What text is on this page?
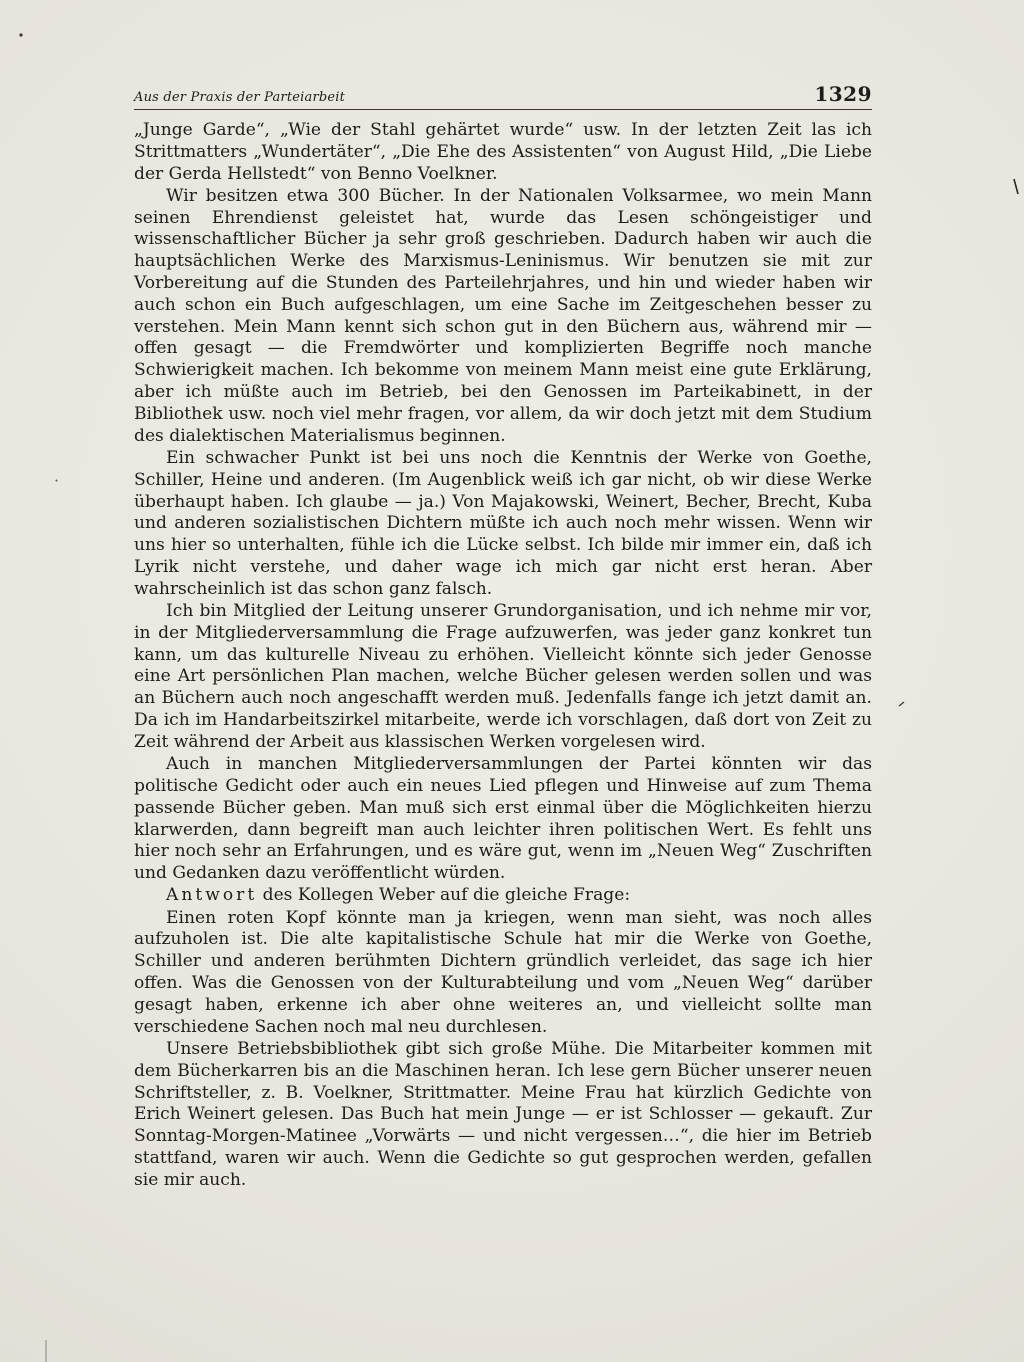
Aus der Praxis der Parteiarbeit	1329

„Junge Garde“, „Wie der Stahl gehärtet wurde“ usw. In der letzten Zeit las ich Strittmatters „Wundertäter“, „Die Ehe des Assistenten“ von August Hild, „Die Liebe der Gerda Hellstedt“ von Benno Voelkner.

Wir besitzen etwa 300 Bücher. In der Nationalen Volksarmee, wo mein Mann seinen Ehrendienst geleistet hat, wurde das Lesen schöngeistiger und wissenschaftlicher Bücher ja sehr groß geschrieben. Dadurch haben wir auch die hauptsächlichen Werke des Marxismus-Leninismus. Wir benutzen sie mit zur Vorbereitung auf die Stunden des Parteilehrjahres, und hin und wieder haben wir auch schon ein Buch aufgeschlagen, um eine Sache im Zeitgeschehen besser zu verstehen. Mein Mann kennt sich schon gut in den Büchern aus, während mir — offen gesagt — die Fremdwörter und komplizierten Begriffe noch manche Schwierigkeit machen. Ich bekomme von meinem Mann meist eine gute Erklärung, aber ich müßte auch im Betrieb, bei den Genossen im Parteikabinett, in der Bibliothek usw. noch viel mehr fragen, vor allem, da wir doch jetzt mit dem Studium des dialektischen Materialismus beginnen.

Ein schwacher Punkt ist bei uns noch die Kenntnis der Werke von Goethe, Schiller, Heine und anderen. (Im Augenblick weiß ich gar nicht, ob wir diese Werke überhaupt haben. Ich glaube — ja.) Von Majakowski, Weinert, Becher, Brecht, Kuba und anderen sozialistischen Dichtern müßte ich auch noch mehr wissen. Wenn wir uns hier so unterhalten, fühle ich die Lücke selbst. Ich bilde mir immer ein, daß ich Lyrik nicht verstehe, und daher wage ich mich gar nicht erst heran. Aber wahrscheinlich ist das schon ganz falsch.

Ich bin Mitglied der Leitung unserer Grundorganisation, und ich nehme mir vor, in der Mitgliederversammlung die Frage aufzuwerfen, was jeder ganz konkret tun kann, um das kulturelle Niveau zu erhöhen. Vielleicht könnte sich jeder Genosse eine Art persönlichen Plan machen, welche Bücher gelesen werden sollen und was an Büchern auch noch angeschafft werden muß. Jedenfalls fange ich jetzt damit an. Da ich im Handarbeitszirkel mitarbeite, werde ich vorschlagen, daß dort von Zeit zu Zeit während der Arbeit aus klassischen Werken vorgelesen wird.

Auch in manchen Mitgliederversammlungen der Partei könnten wir das politische Gedicht oder auch ein neues Lied pflegen und Hinweise auf zum Thema passende Bücher geben. Man muß sich erst einmal über die Möglichkeiten hierzu klarwerden, dann begreift man auch leichter ihren politischen Wert. Es fehlt uns hier noch sehr an Erfahrungen, und es wäre gut, wenn im „Neuen Weg“ Zuschriften und Gedanken dazu veröffentlicht würden.

Antwort des Kollegen Weber auf die gleiche Frage:

Einen roten Kopf könnte man ja kriegen, wenn man sieht, was noch alles aufzuholen ist. Die alte kapitalistische Schule hat mir die Werke von Goethe, Schiller und anderen berühmten Dichtern gründlich verleidet, das sage ich hier offen. Was die Genossen von der Kulturabteilung und vom „Neuen Weg“ darüber gesagt haben, erkenne ich aber ohne weiteres an, und vielleicht sollte man verschiedene Sachen noch mal neu durchlesen.

Unsere Betriebsbibliothek gibt sich große Mühe. Die Mitarbeiter kommen mit dem Bücherkarren bis an die Maschinen heran. Ich lese gern Bücher unserer neuen Schriftsteller, z. B. Voelkner, Strittmatter. Meine Frau hat kürzlich Gedichte von Erich Weinert gelesen. Das Buch hat mein Junge — er ist Schlosser — gekauft. Zur Sonntag-Morgen-Matinee „Vorwärts — und nicht vergessen…“, die hier im Betrieb stattfand, waren wir auch. Wenn die Gedichte so gut gesprochen werden, gefallen sie mir auch.
